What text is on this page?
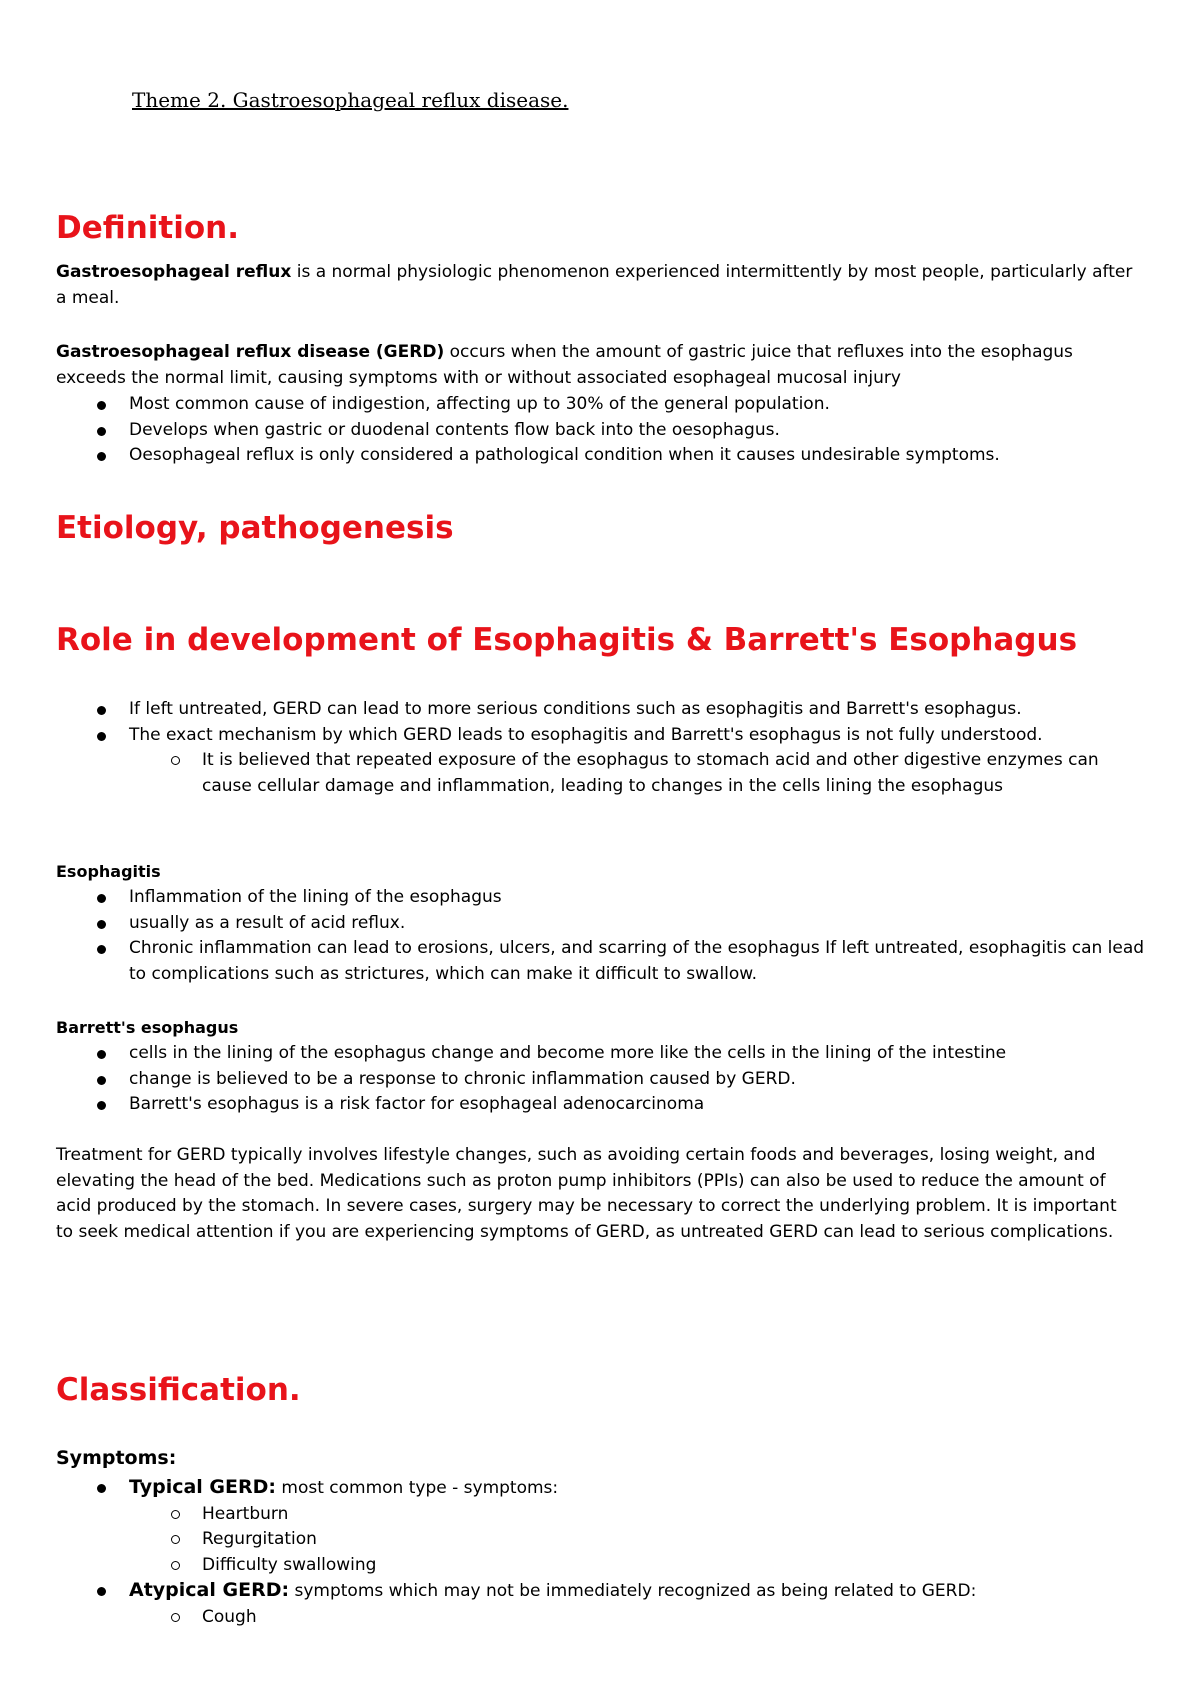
Theme 2. Gastroesophageal reflux disease.
Definition.

Gastroesophageal reflux is a normal physiologic phenomenon experienced intermittently by most people, particularly after a meal.

Gastroesophageal reflux disease (GERD) occurs when the amount of gastric juice that refluxes into the esophagus exceeds the normal limit, causing symptoms with or without associated esophageal mucosal injury

Most common cause of indigestion, affecting up to 30% of the general population.
Develops when gastric or duodenal contents flow back into the oesophagus.
Oesophageal reflux is only considered a pathological condition when it causes undesirable symptoms.
Etiology, pathogenesis
Role in development of Esophagitis & Barrett's Esophagus
If left untreated, GERD can lead to more serious conditions such as esophagitis and Barrett's esophagus.
The exact mechanism by which GERD leads to esophagitis and Barrett's esophagus is not fully understood.
It is believed that repeated exposure of the esophagus to stomach acid and other digestive enzymes can cause cellular damage and inflammation, leading to changes in the cells lining the esophagus

Esophagitis

Inflammation of the lining of the esophagus
usually as a result of acid reflux.
Chronic inflammation can lead to erosions, ulcers, and scarring of the esophagus If left untreated, esophagitis can lead to complications such as strictures, which can make it difficult to swallow.

Barrett's esophagus

cells in the lining of the esophagus change and become more like the cells in the lining of the intestine
change is believed to be a response to chronic inflammation caused by GERD.
Barrett's esophagus is a risk factor for esophageal adenocarcinoma

Treatment for GERD typically involves lifestyle changes, such as avoiding certain foods and beverages, losing weight, and elevating the head of the bed. Medications such as proton pump inhibitors (PPIs) can also be used to reduce the amount of acid produced by the stomach. In severe cases, surgery may be necessary to correct the underlying problem. It is important to seek medical attention if you are experiencing symptoms of GERD, as untreated GERD can lead to serious complications.

Classification.

Symptoms:

Typical GERD: most common type - symptoms:
Heartburn
Regurgitation
Difficulty swallowing
Atypical GERD: symptoms which may not be immediately recognized as being related to GERD:
Cough
